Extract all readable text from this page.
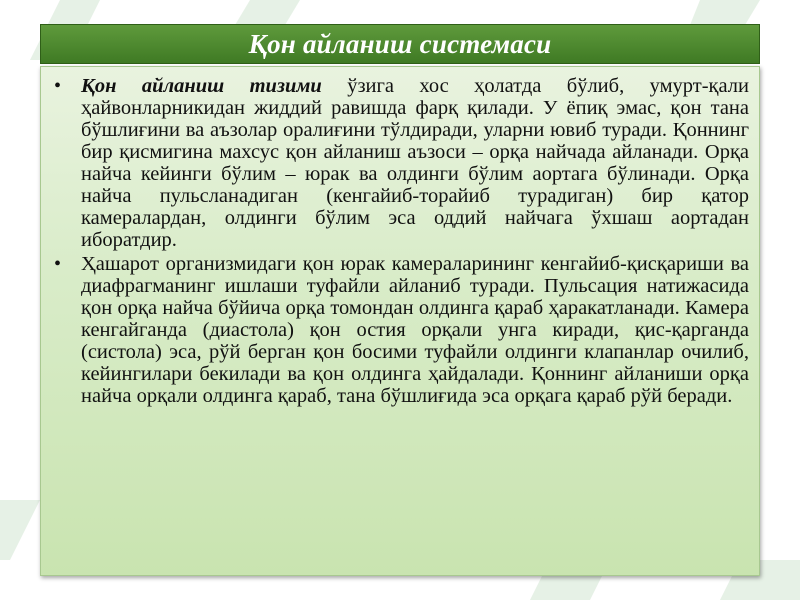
Қон айланиш системаси
• Қон айланиш тизими ўзига хос ҳолатда бўлиб, умурт-қали ҳайвонларникидан жиддий равишда фарқ қилади. У ёпиқ эмас, қон тана бўшлиғини ва аъзолар оралиғини тўлдиради, уларни ювиб туради. Қоннинг бир қисмигина махсус қон айланиш аъзоси – орқа найчада айланади. Орқа найча кейинги бўлим – юрак ва олдинги бўлим аортага бўлинади. Орқа найча пульсланадиган (кенгайиб-торайиб турадиган) бир қатор камералардан, олдинги бўлим эса оддий найчага ўхшаш аортадан иборатдир.
• Ҳашарот организмидаги қон юрак камераларининг кенгайиб-қисқариши ва диафрагманинг ишлаши туфайли айланиб туради. Пульсация натижасида қон орқа найча бўйича орқа томондан олдинга қараб ҳаракатланади. Камера кенгайганда (диастола) қон остия орқали унга киради, қис-қарганда (систола) эса, рўй берган қон босими туфайли олдинги клапанлар очилиб, кейингилари бекилади ва қон олдинга ҳайдалади. Қоннинг айланиши орқа найча орқали олдинга қараб, тана бўшлиғида эса орқага қараб рўй беради.
